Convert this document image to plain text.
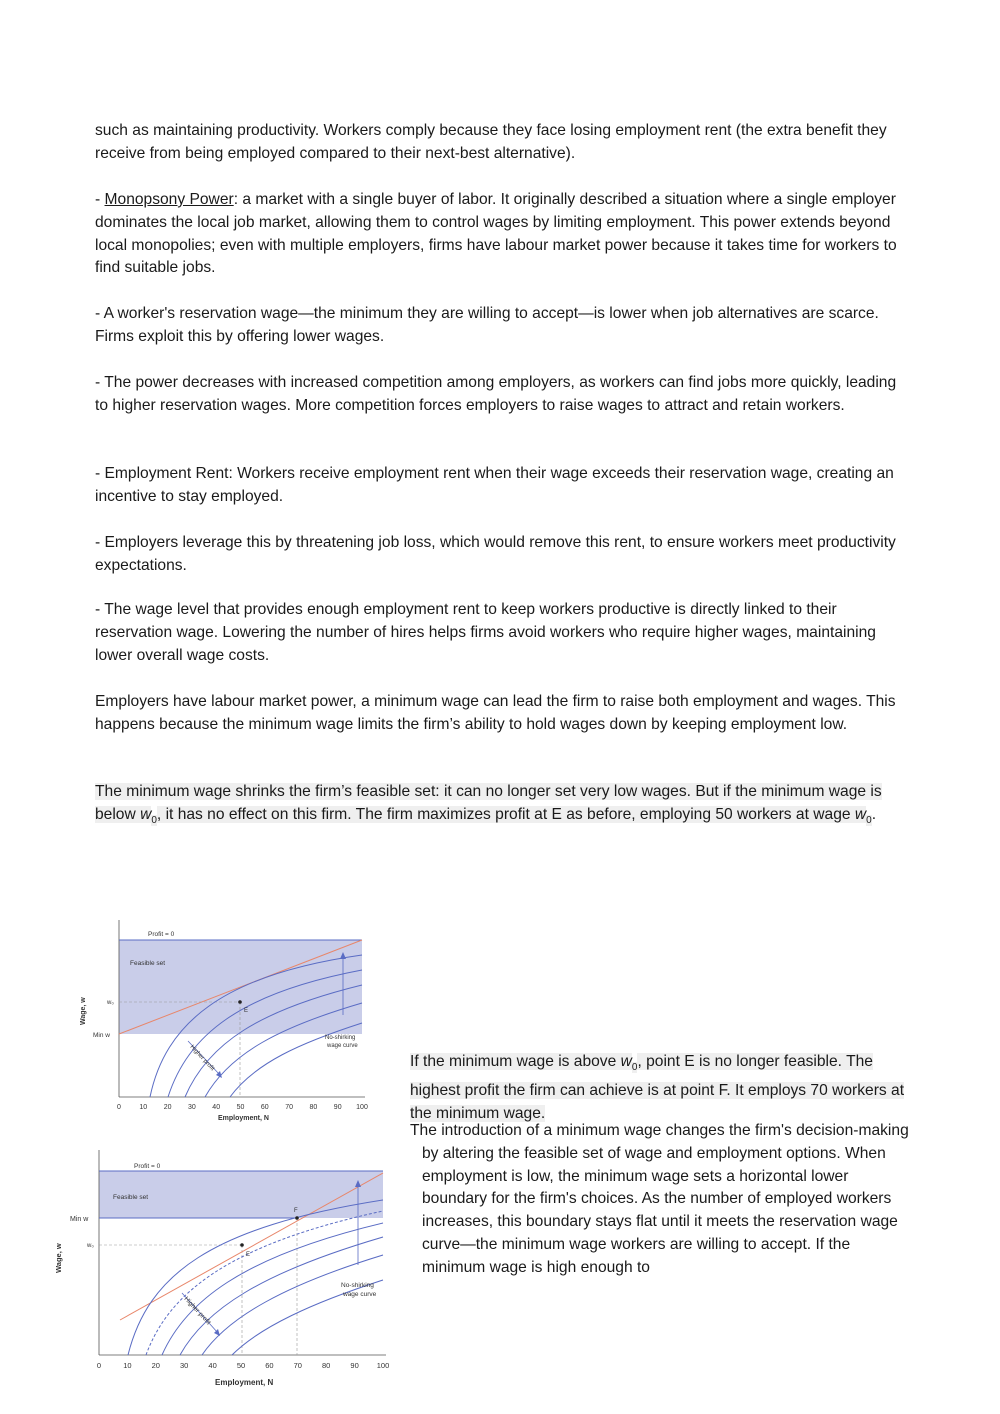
such as maintaining productivity. Workers comply because they face losing employment rent (the extra benefit they receive from being employed compared to their next-best alternative).

- Monopsony Power: a market with a single buyer of labor. It originally described a situation where a single employer dominates the local job market, allowing them to control wages by limiting employment. This power extends beyond local monopolies; even with multiple employers, firms have labour market power because it takes time for workers to find suitable jobs.

- A worker's reservation wage—the minimum they are willing to accept—is lower when job alternatives are scarce. Firms exploit this by offering lower wages.

- The power decreases with increased competition among employers, as workers can find jobs more quickly, leading to higher reservation wages. More competition forces employers to raise wages to attract and retain workers.

- Employment Rent: Workers receive employment rent when their wage exceeds their reservation wage, creating an incentive to stay employed.

- Employers leverage this by threatening job loss, which would remove this rent, to ensure workers meet productivity expectations.

- The wage level that provides enough employment rent to keep workers productive is directly linked to their reservation wage. Lowering the number of hires helps firms avoid workers who require higher wages, maintaining lower overall wage costs.

Employers have labour market power, a minimum wage can lead the firm to raise both employment and wages. This happens because the minimum wage limits the firm’s ability to hold wages down by keeping employment low.

The minimum wage shrinks the firm’s feasible set: it can no longer set very low wages. But if the minimum wage is below $w_0$, it has no effect on this firm. The firm maximizes profit at E as before, employing 50 workers at wage $w_0$.

If the minimum wage is above $w_0$, point E is no longer feasible. The highest profit the firm can achieve is at point F. It employs 70 workers at the minimum wage.

The introduction of a minimum wage changes the firm's decision-making by altering the feasible set of wage and employment options. When employment is low, the minimum wage sets a horizontal lower boundary for the firm's choices. As the number of employed workers increases, this boundary stays flat until it meets the reservation wage curve—the minimum wage workers are willing to accept. If the minimum wage is high enough to

Profit = 0
Feasible set
w₀
Min w
E
No-shirking
wage curve
Higher profit
Wage, w
Employment, N
0	10 20 30 40 50 60 70 80 90 100
Profit = 0
Feasible set
Min w
w₀
E
F
No-shirking
wage curve
Higher profit
Wage, w
Employment, N
0	10	20	30	40	50	60	70	80	90 100
